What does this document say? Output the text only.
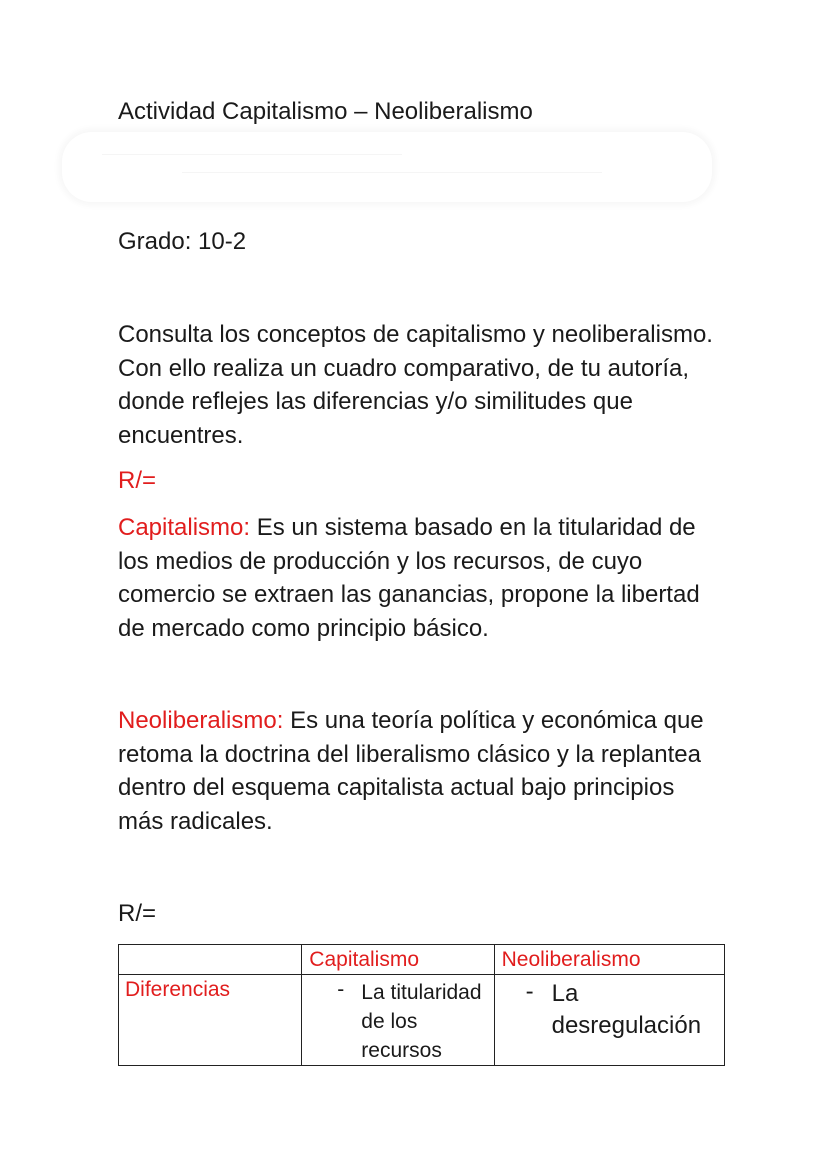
Actividad Capitalismo – Neoliberalismo
Grado: 10-2
Consulta los conceptos de capitalismo y neoliberalismo. Con ello realiza un cuadro comparativo, de tu autoría, donde reflejes las diferencias y/o similitudes que encuentres.
R/=
Capitalismo: Es un sistema basado en la titularidad de los medios de producción y los recursos, de cuyo comercio se extraen las ganancias, propone la libertad de mercado como principio básico.
Neoliberalismo: Es una teoría política y económica que retoma la doctrina del liberalismo clásico y la replantea dentro del esquema capitalista actual bajo principios más radicales.
R/=

	Capitalismo	Neoliberalismo

Diferencias	- La titularidad de los recursos	- La desregulación
